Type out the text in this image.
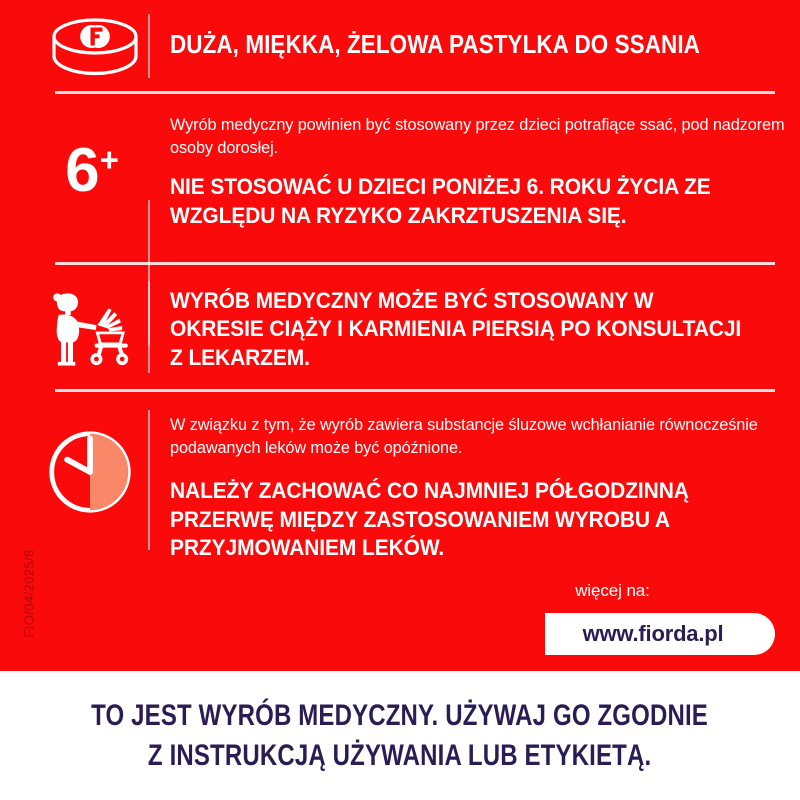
FIO/04/2025/8
DUŻA, MIĘKKA, ŻELOWA PASTYLKA DO SSANIA
6+
Wyrób medyczny powinien być stosowany przez dzieci potrafiące ssać, pod nadzorem osoby dorosłej.
NIE STOSOWAĆ U DZIECI PONIŻEJ 6. ROKU ŻYCIA ZE WZGLĘDU NA RYZYKO ZAKRZTUSZENIA SIĘ.
WYRÓB MEDYCZNY MOŻE BYĆ STOSOWANY W OKRESIE CIĄŻY I KARMIENIA PIERSIĄ PO KONSULTACJI Z LEKARZEM.
W związku z tym, że wyrób zawiera substancje śluzowe wchłanianie równocześnie podawanych leków może być opóźnione.
NALEŻY ZACHOWAĆ CO NAJMNIEJ PÓŁGODZINNĄ PRZERWĘ MIĘDZY ZASTOSOWANIEM WYROBU A PRZYJMOWANIEM LEKÓW.
więcej na:
www.fiorda.pl
TO JEST WYRÓB MEDYCZNY. UŻYWAJ GO ZGODNIE
Z INSTRUKCJĄ UŻYWANIA LUB ETYKIETĄ.
